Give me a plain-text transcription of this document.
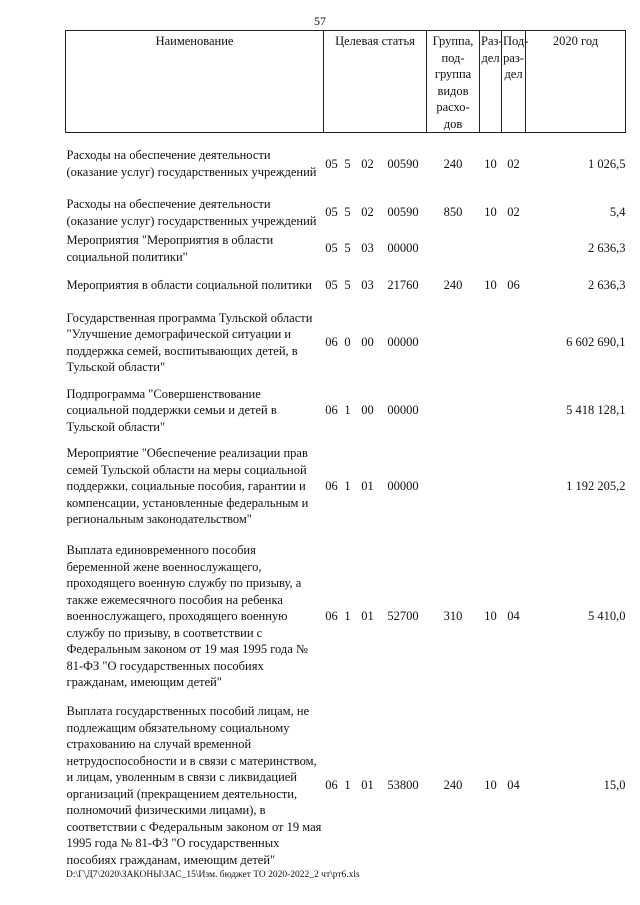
57
Наименование	Целевая статья				Группа, под-группа видов расхо-дов	Раз-дел	Под-раз-дел	2020 год
Расходы на обеспечение деятельности (оказание услуг) государственных учреждений	05	5	02	00590	240	10	02	1 026,5
Расходы на обеспечение деятельности (оказание услуг) государственных учреждений	05	5	02	00590	850	10	02	5,4
Мероприятия "Мероприятия в области социальной политики"	05	5	03	00000				2 636,3
Мероприятия в области социальной политики	05	5	03	21760	240	10	06	2 636,3
Государственная программа Тульской области "Улучшение демографической ситуации и поддержка семей, воспитывающих детей, в Тульской области"	06	0	00	00000				6 602 690,1
Подпрограмма "Совершенствование социальной поддержки семьи и детей в Тульской области"	06	1	00	00000				5 418 128,1
Мероприятие "Обеспечение реализации прав семей Тульской области на меры социальной поддержки, социальные пособия, гарантии и компенсации, установленные федеральным и региональным законодательством"	06	1	01	00000				1 192 205,2
Выплата единовременного пособия беременной жене военнослужащего, проходящего военную службу по призыву, а также ежемесячного пособия на ребенка военнослужащего, проходящего военную службу по призыву, в соответствии с Федеральным законом от 19 мая 1995 года № 81-ФЗ "О государственных пособиях гражданам, имеющим детей"	06	1	01	52700	310	10	04	5 410,0
Выплата государственных пособий лицам, не подлежащим обязательному социальному страхованию на случай временной нетрудоспособности и в связи с материнством, и лицам, уволенным в связи с ликвидацией организаций (прекращением деятельности, полномочий физическими лицами), в соответствии с Федеральным законом от 19 мая 1995 года № 81-ФЗ "О государственных пособиях гражданам, имеющим детей"	06	1	01	53800	240	10	04	15,0
D:\Г\Д7\2020\ЗАКОНЫ\ЗАС_15\Изм. бюджет ТО 2020-2022_2 чт\рт6.xls
